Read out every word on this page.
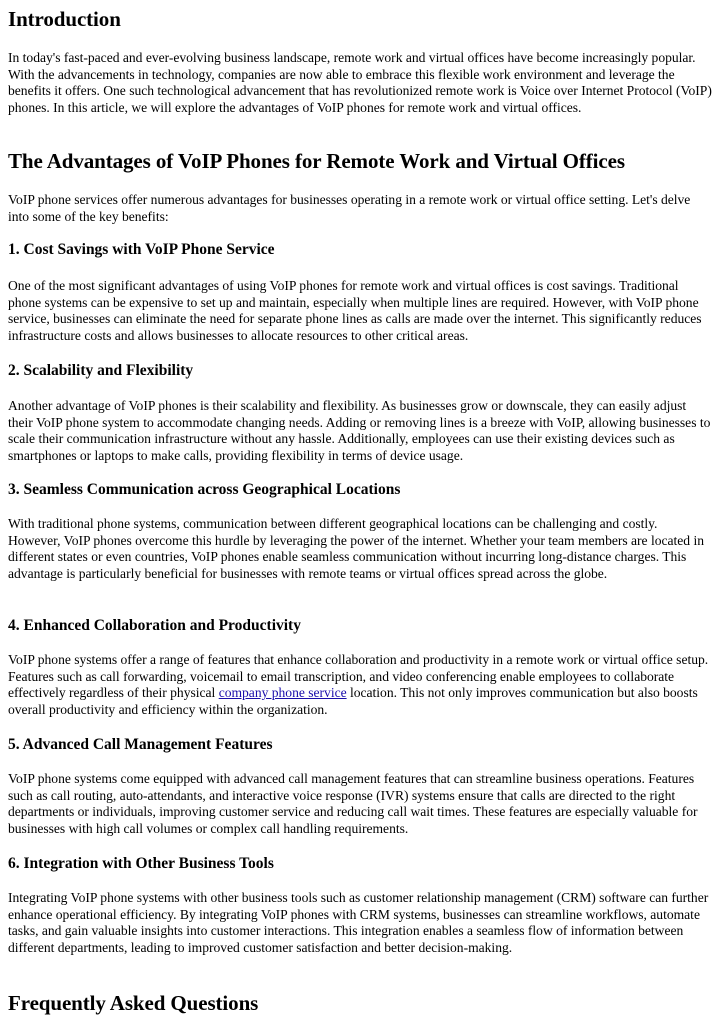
Introduction

In today's fast-paced and ever-evolving business landscape, remote work and virtual offices have become increasingly popular. With the advancements in technology, companies are now able to embrace this flexible work environment and leverage the benefits it offers. One such technological advancement that has revolutionized remote work is Voice over Internet Protocol (VoIP) phones. In this article, we will explore the advantages of VoIP phones for remote work and virtual offices.

The Advantages of VoIP Phones for Remote Work and Virtual Offices

VoIP phone services offer numerous advantages for businesses operating in a remote work or virtual office setting. Let's delve into some of the key benefits:

1. Cost Savings with VoIP Phone Service

One of the most significant advantages of using VoIP phones for remote work and virtual offices is cost savings. Traditional phone systems can be expensive to set up and maintain, especially when multiple lines are required. However, with VoIP phone service, businesses can eliminate the need for separate phone lines as calls are made over the internet. This significantly reduces infrastructure costs and allows businesses to allocate resources to other critical areas.

2. Scalability and Flexibility

Another advantage of VoIP phones is their scalability and flexibility. As businesses grow or downscale, they can easily adjust their VoIP phone system to accommodate changing needs. Adding or removing lines is a breeze with VoIP, allowing businesses to scale their communication infrastructure without any hassle. Additionally, employees can use their existing devices such as smartphones or laptops to make calls, providing flexibility in terms of device usage.

3. Seamless Communication across Geographical Locations

With traditional phone systems, communication between different geographical locations can be challenging and costly. However, VoIP phones overcome this hurdle by leveraging the power of the internet. Whether your team members are located in different states or even countries, VoIP phones enable seamless communication without incurring long-distance charges. This advantage is particularly beneficial for businesses with remote teams or virtual offices spread across the globe.

4. Enhanced Collaboration and Productivity

VoIP phone systems offer a range of features that enhance collaboration and productivity in a remote work or virtual office setup. Features such as call forwarding, voicemail to email transcription, and video conferencing enable employees to collaborate effectively regardless of their physical company phone service location. This not only improves communication but also boosts overall productivity and efficiency within the organization.

5. Advanced Call Management Features

VoIP phone systems come equipped with advanced call management features that can streamline business operations. Features such as call routing, auto-attendants, and interactive voice response (IVR) systems ensure that calls are directed to the right departments or individuals, improving customer service and reducing call wait times. These features are especially valuable for businesses with high call volumes or complex call handling requirements.

6. Integration with Other Business Tools

Integrating VoIP phone systems with other business tools such as customer relationship management (CRM) software can further enhance operational efficiency. By integrating VoIP phones with CRM systems, businesses can streamline workflows, automate tasks, and gain valuable insights into customer interactions. This integration enables a seamless flow of information between different departments, leading to improved customer satisfaction and better decision-making.

Frequently Asked Questions
